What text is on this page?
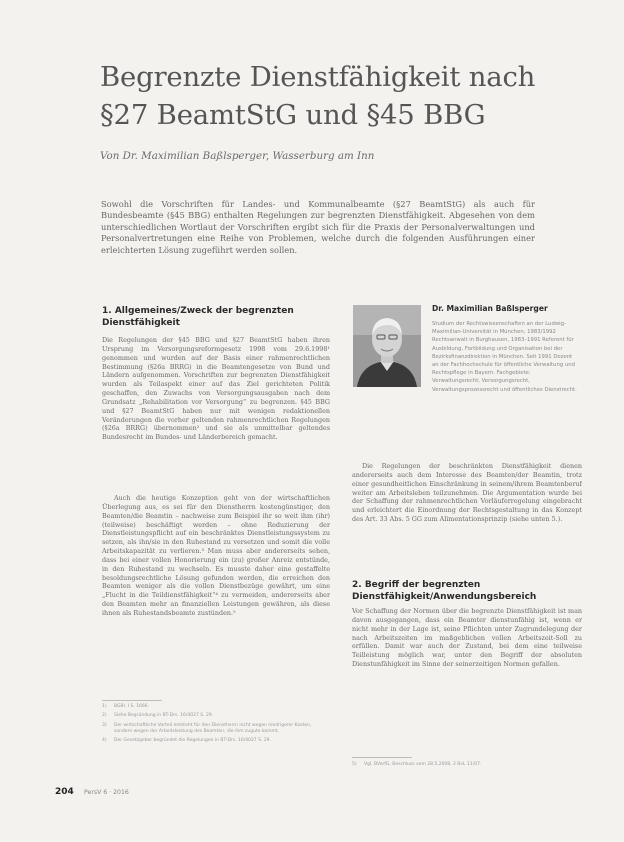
Begrenzte Dienstfähigkeit nach §27 BeamtStG und §45 BBG

Von Dr. Maximilian Baßlsperger, Wasserburg am Inn

Sowohl die Vorschriften für Landes- und Kommunalbeamte (§27 BeamtStG) als auch für Bundesbeamte (§45 BBG) enthalten Regelungen zur begrenzten Dienstfähigkeit. Abgesehen von dem unterschiedlichen Wortlaut der Vorschriften ergibt sich für die Praxis der Personalverwaltungen und Personalvertretungen eine Reihe von Problemen, welche durch die folgenden Ausführungen einer erleichterten Lösung zugeführt werden sollen.

1. Allgemeines/Zweck der begrenzten Dienstfähigkeit

Die Regelungen der §45 BBG und §27 BeamtStG haben ihren Ursprung im Versorgungsreformgesetz 1998 vom 29.6.1998¹ genommen und wurden auf der Basis einer rahmenrechtlichen Bestimmung (§26a BRRG) in die Beamtengesetze von Bund und Ländern aufgenommen. Vorschriften zur begrenzten Dienstfähigkeit wurden als Teilaspekt einer auf das Ziel gerichteten Politik geschaffen, den Zuwachs von Versorgungsausgaben nach dem Grundsatz „Rehabilitation vor Versorgung“ zu begrenzen. §45 BBG und §27 BeamtStG haben nur mit wenigen redaktionellen Veränderungen die vorher geltenden rahmenrechtlichen Regelungen (§26a BRRG) übernommen² und sie als unmittelbar geltendes Bundesrecht im Bundes- und Länderbereich gemacht.

Auch die heutige Konzeption geht von der wirtschaftlichen Überlegung aus, es sei für den Dienstherrn kostengünstiger, den Beamten/die Beamtin – nachweise zum Beispiel ihr so weit ihm (ihr) (teilweise) beschäftigt werden – ohne Reduzierung der Dienstleistungspflicht auf ein beschränktes Dienstleistungssystem zu setzen, als ihn/sie in den Ruhestand zu versetzen und somit die volle Arbeitskapazität zu verlieren.³ Man muss aber andererseits sehen, dass bei einer vollen Honorierung ein (zu) großer Anreiz entstünde, in den Ruhestand zu wechseln. Es musste daher eine gestaffelte besoldungsrechtliche Lösung gefunden werden, die erreichen den Beamten weniger als die vollen Dienstbezüge gewährt, um eine „Flucht in die Teildienstfähigkeit“⁴ zu vermeiden, andererseits aber den Beamten mehr an finanziellen Leistungen gewähren, als diese ihnen als Ruhestandsbeamte zustünden.⁵

Dr. Maximilian Baßlsperger

Studium der Rechtswissenschaften an der Ludwig-Maximilian-Universität in München, 1983/1992 Rechtsanwalt in Burghausen, 1983–1991 Referent für Ausbildung, Fortbildung und Organisation bei der Bezirksfinanzdirektion in München. Seit 1991 Dozent an der Fachhochschule für öffentliche Verwaltung und Rechtspflege in Bayern. Fachgebiete: Verwaltungsrecht, Versorgungsrecht, Verwaltungsprozessrecht und öffentliches Dienstrecht.

Die Regelungen der beschränkten Dienstfähigkeit dienen andererseits auch dem Interesse des Beamten/der Beamtin, trotz einer gesundheitlichen Einschränkung in seinem/ihrem Beamtenberuf weiter am Arbeitsleben teilzunehmen. Die Argumentation wurde bei der Schaffung der rahmenrechtlichen Vorläuferregelung eingebracht und erleichtert die Einordnung der Rechtsgestaltung in das Konzept des Art. 33 Abs. 5 GG zum Alimentationsprinzip (siehe unten 5.).

2. Begriff der begrenzten Dienstfähigkeit/Anwendungsbereich

Vor Schaffung der Normen über die begrenzte Dienstfähigkeit ist man davon ausgegangen, dass ein Beamter dienstunfähig ist, wenn er nicht mehr in der Lage ist, seine Pflichten unter Zugrundelegung der nach Arbeitszeiten im maßgeblichen vollen Arbeitszeit-Soll zu erfüllen. Damit war auch der Zustand, bei dem eine teilweise Teilleistung möglich war, unter den Begriff der absoluten Dienstunfähigkeit im Sinne der seinerzeitigen Normen gefallen.

1)	BGBl. I S. 1666.
2)	Siehe Begründung in BT-Drs. 16/4027 S. 29.
3)	Der wirtschaftliche Vorteil entsteht für den Dienstherrn nicht wegen niedrigerer Kosten, sondern wegen der Arbeitsleistung des Beamten, die ihm zugute kommt.
4)	Der Gesetzgeber begründet die Regelungen in BT-Drs. 16/4027 S. 29.

5)	Vgl. BVerfG, Beschluss vom 28.5.2008, 2 BvL 11/07.

204 PersV 6 · 2016
